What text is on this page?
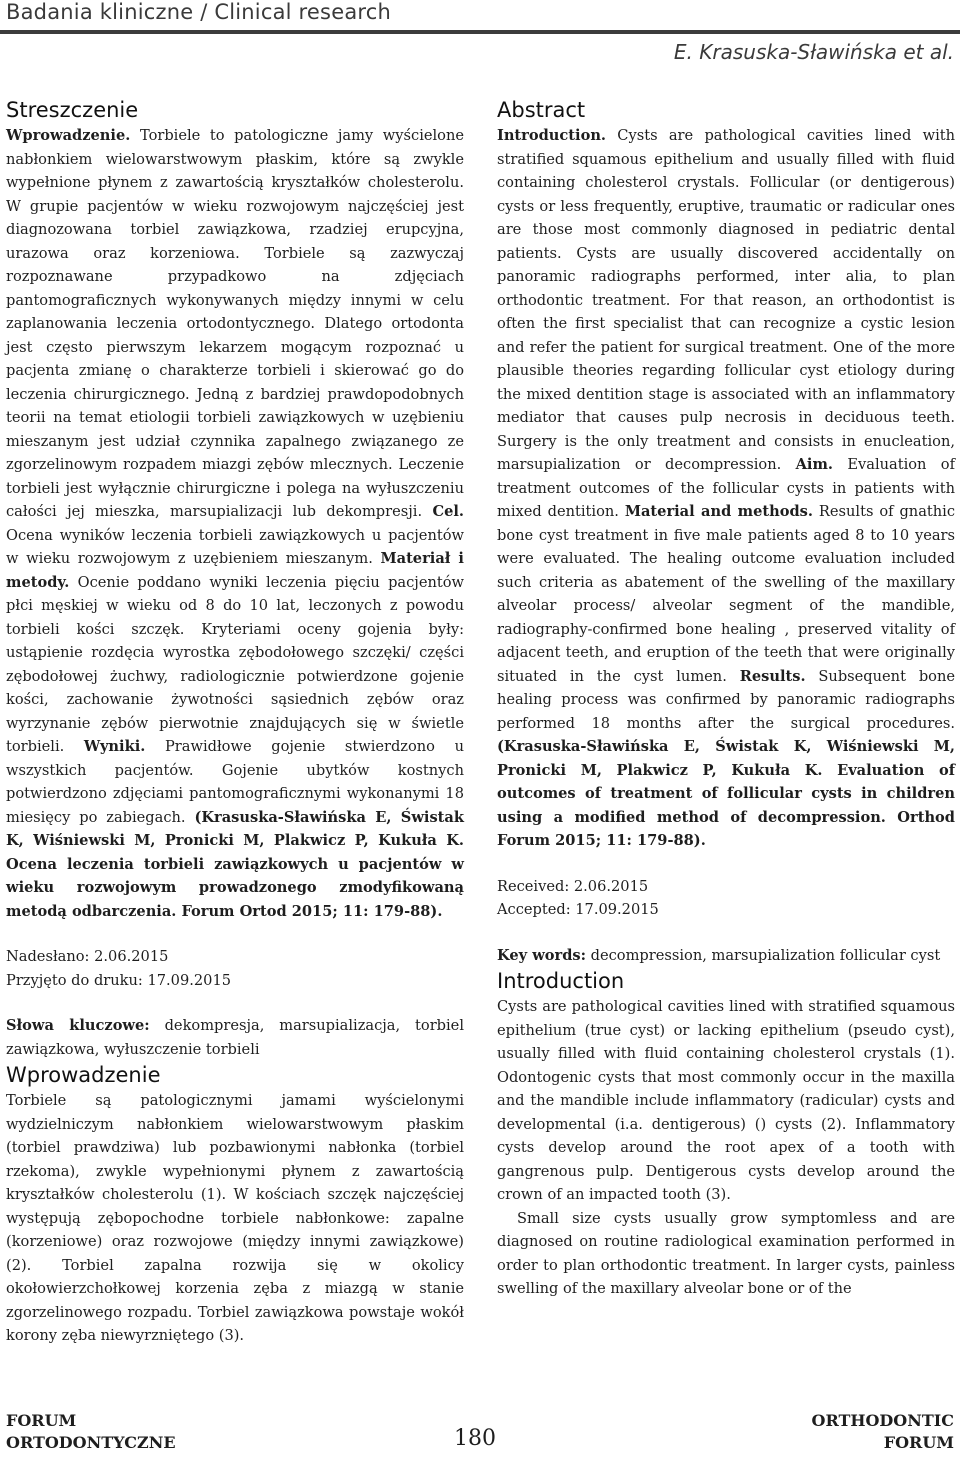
Badania kliniczne / Clinical research
E. Krasuska-Sławińska et al.
Streszczenie

Wprowadzenie. Torbiele to patologiczne jamy wyścielone nabłonkiem wielowarstwowym płaskim, które są zwykle wypełnione płynem z zawartością kryształków cholesterolu. W grupie pacjentów w wieku rozwojowym najczęściej jest diagnozowana torbiel zawiązkowa, rzadziej erupcyjna, urazowa oraz korzeniowa. Torbiele są zazwyczaj rozpoznawane przypadkowo na zdjęciach pantomograficznych wykonywanych między innymi w celu zaplanowania leczenia ortodontycznego. Dlatego ortodonta jest często pierwszym lekarzem mogącym rozpoznać u pacjenta zmianę o charakterze torbieli i skierować go do leczenia chirurgicznego. Jedną z bardziej prawdopodobnych teorii na temat etiologii torbieli zawiązkowych w uzębieniu mieszanym jest udział czynnika zapalnego związanego ze zgorzelinowym rozpadem miazgi zębów mlecznych. Leczenie torbieli jest wyłącznie chirurgiczne i polega na wyłuszczeniu całości jej mieszka, marsupializacji lub dekompresji. Cel. Ocena wyników leczenia torbieli zawiązkowych u pacjentów w wieku rozwojowym z uzębieniem mieszanym. Materiał i metody. Ocenie poddano wyniki leczenia pięciu pacjentów płci męskiej w wieku od 8 do 10 lat, leczonych z powodu torbieli kości szczęk. Kryteriami oceny gojenia były: ustąpienie rozdęcia wyrostka zębodołowego szczęki/ części zębodołowej żuchwy, radiologicznie potwierdzone gojenie kości, zachowanie żywotności sąsiednich zębów oraz wyrzynanie zębów pierwotnie znajdujących się w świetle torbieli. Wyniki. Prawidłowe gojenie stwierdzono u wszystkich pacjentów. Gojenie ubytków kostnych potwierdzono zdjęciami pantomograficznymi wykonanymi 18 miesięcy po zabiegach. (Krasuska-Sławińska E, Świstak K, Wiśniewski M, Pronicki M, Plakwicz P, Kukuła K. Ocena leczenia torbieli zawiązkowych u pacjentów w wieku rozwojowym prowadzonego zmodyfikowaną metodą odbarczenia. Forum Ortod 2015; 11: 179-88).

Nadesłano: 2.06.2015

Przyjęto do druku: 17.09.2015

Słowa kluczowe: dekompresja, marsupializacja, torbiel zawiązkowa, wyłuszczenie torbieli

Wprowadzenie

Torbiele są patologicznymi jamami wyścielonymi wydzielniczym nabłonkiem wielowarstwowym płaskim (torbiel prawdziwa) lub pozbawionymi nabłonka (torbiel rzekoma), zwykle wypełnionymi płynem z zawartością kryształków cholesterolu (1). W kościach szczęk najczęściej występują zębopochodne torbiele nabłonkowe: zapalne (korzeniowe) oraz rozwojowe (między innymi zawiązkowe) (2). Torbiel zapalna rozwija się w okolicy okołowierzchołkowej korzenia zęba z miazgą w stanie zgorzelinowego rozpadu. Torbiel zawiązkowa powstaje wokół korony zęba niewyrzniętego (3).

Abstract

Introduction. Cysts are pathological cavities lined with stratified squamous epithelium and usually filled with fluid containing cholesterol crystals. Follicular (or dentigerous) cysts or less frequently, eruptive, traumatic or radicular ones are those most commonly diagnosed in pediatric dental patients. Cysts are usually discovered accidentally on panoramic radiographs performed, inter alia, to plan orthodontic treatment. For that reason, an orthodontist is often the first specialist that can recognize a cystic lesion and refer the patient for surgical treatment. One of the more plausible theories regarding follicular cyst etiology during the mixed dentition stage is associated with an inflammatory mediator that causes pulp necrosis in deciduous teeth. Surgery is the only treatment and consists in enucleation, marsupialization or decompression. Aim. Evaluation of treatment outcomes of the follicular cysts in patients with mixed dentition. Material and methods. Results of gnathic bone cyst treatment in five male patients aged 8 to 10 years were evaluated. The healing outcome evaluation included such criteria as abatement of the swelling of the maxillary alveolar process/ alveolar segment of the mandible, radiography-confirmed bone healing , preserved vitality of adjacent teeth, and eruption of the teeth that were originally situated in the cyst lumen. Results. Subsequent bone healing process was confirmed by panoramic radiographs performed 18 months after the surgical procedures. (Krasuska-Sławińska E, Świstak K, Wiśniewski M, Pronicki M, Plakwicz P, Kukuła K. Evaluation of outcomes of treatment of follicular cysts in children using a modified method of decompression. Orthod Forum 2015; 11: 179-88).

Received: 2.06.2015

Accepted: 17.09.2015

Key words: decompression, marsupialization follicular cyst

Introduction

Cysts are pathological cavities lined with stratified squamous epithelium (true cyst) or lacking epithelium (pseudo cyst), usually filled with fluid containing cholesterol crystals (1). Odontogenic cysts that most commonly occur in the maxilla and the mandible include inflammatory (radicular) cysts and developmental (i.a. dentigerous) () cysts (2). Inflammatory cysts develop around the root apex of a tooth with gangrenous pulp. Dentigerous cysts develop around the crown of an impacted tooth (3).

Small size cysts usually grow symptomless and are diagnosed on routine radiological examination performed in order to plan orthodontic treatment. In larger cysts, painless swelling of the maxillary alveolar bone or of the

FORUM
ORTODONTYCZNE	180
ORTHODONTIC
FORUM
